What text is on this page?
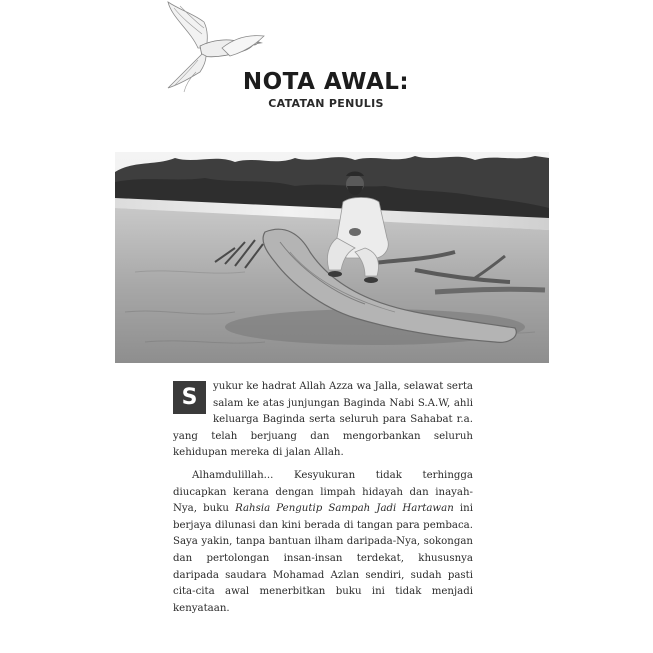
NOTA AWAL:
CATATAN PENULIS

S	yukur ke hadrat Allah Azza wa Jalla, selawat serta salam ke atas junjungan Baginda Nabi S.A.W, ahli keluarga Baginda serta seluruh para Sahabat r.a. yang telah berjuang dan mengorbankan seluruh kehidupan mereka di jalan Allah.

Alhamdulillah... Kesyukuran tidak terhingga diucapkan kerana dengan limpah hidayah dan inayah-Nya, buku Rahsia Pengutip Sampah Jadi Hartawan ini berjaya dilunasi dan kini berada di tangan para pembaca. Saya yakin, tanpa bantuan ilham daripada-Nya, sokongan dan pertolongan insan-insan terdekat, khususnya daripada saudara Mohamad Azlan sendiri, sudah pasti cita-cita awal menerbitkan buku ini tidak menjadi kenyataan.
